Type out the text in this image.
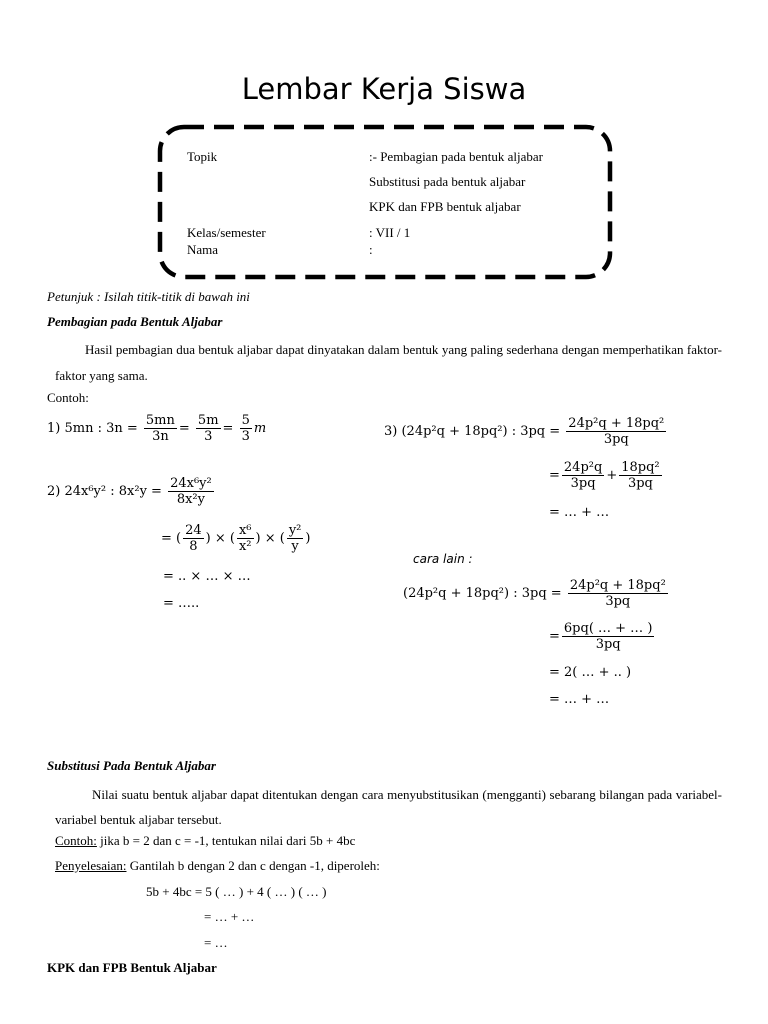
Lembar Kerja Siswa
Topik	:- Pembagian pada bentuk aljabar
Substitusi pada bentuk aljabar
KPK dan FPB bentuk aljabar
Kelas/semester	: VII / 1
Nama	:
Petunjuk : Isilah titik-titik di bawah ini
Pembagian pada Bentuk Aljabar
Hasil pembagian dua bentuk aljabar dapat dinyatakan dalam bentuk yang paling sederhana dengan memperhatikan faktor- faktor yang sama.
Contoh:
1) 5mn : $3n = \frac{5mn}{3n} = \frac{5m}{3} = \frac{5}{3}$ m
2) 24x⁶y² : $8x^2y = \frac{\text{24x⁶y²}}{\text{8x²y}}$
= ( $\frac{24}{8}$ ) × ( $\frac{\text{x⁶}}{\text{x²}}$ ) × ( $\frac{\text{y²}}{y}$ )
= .. × … × …
= …..
3) (24p²q + 18pq²) : $3pq = \frac{\text{24p²q + 18pq²}}{3pq}$
= $\frac{\text{24p²q}}{3pq} + \frac{\text{18pq²}}{3pq}$
= … + …
cara lain :
(24p²q + 18pq²) : $3pq = \frac{\text{24p²q + 18pq²}}{3pq}$
= $\frac{6pq( \dots + \dots )}{3pq}$
= 2( … + .. )
= … + …
Substitusi Pada Bentuk Aljabar
Nilai suatu bentuk aljabar dapat ditentukan dengan cara menyubstitusikan (mengganti) sebarang bilangan pada variabel- variabel bentuk aljabar tersebut.
Contoh: jika b = 2 dan c = -1, tentukan nilai dari 5b + 4bc
Penyelesaian: Gantilah b dengan 2 dan c dengan -1, diperoleh:
5b + 4bc = 5 ( … ) + 4 ( … ) ( … )
= … + …
= …
KPK dan FPB Bentuk Aljabar
